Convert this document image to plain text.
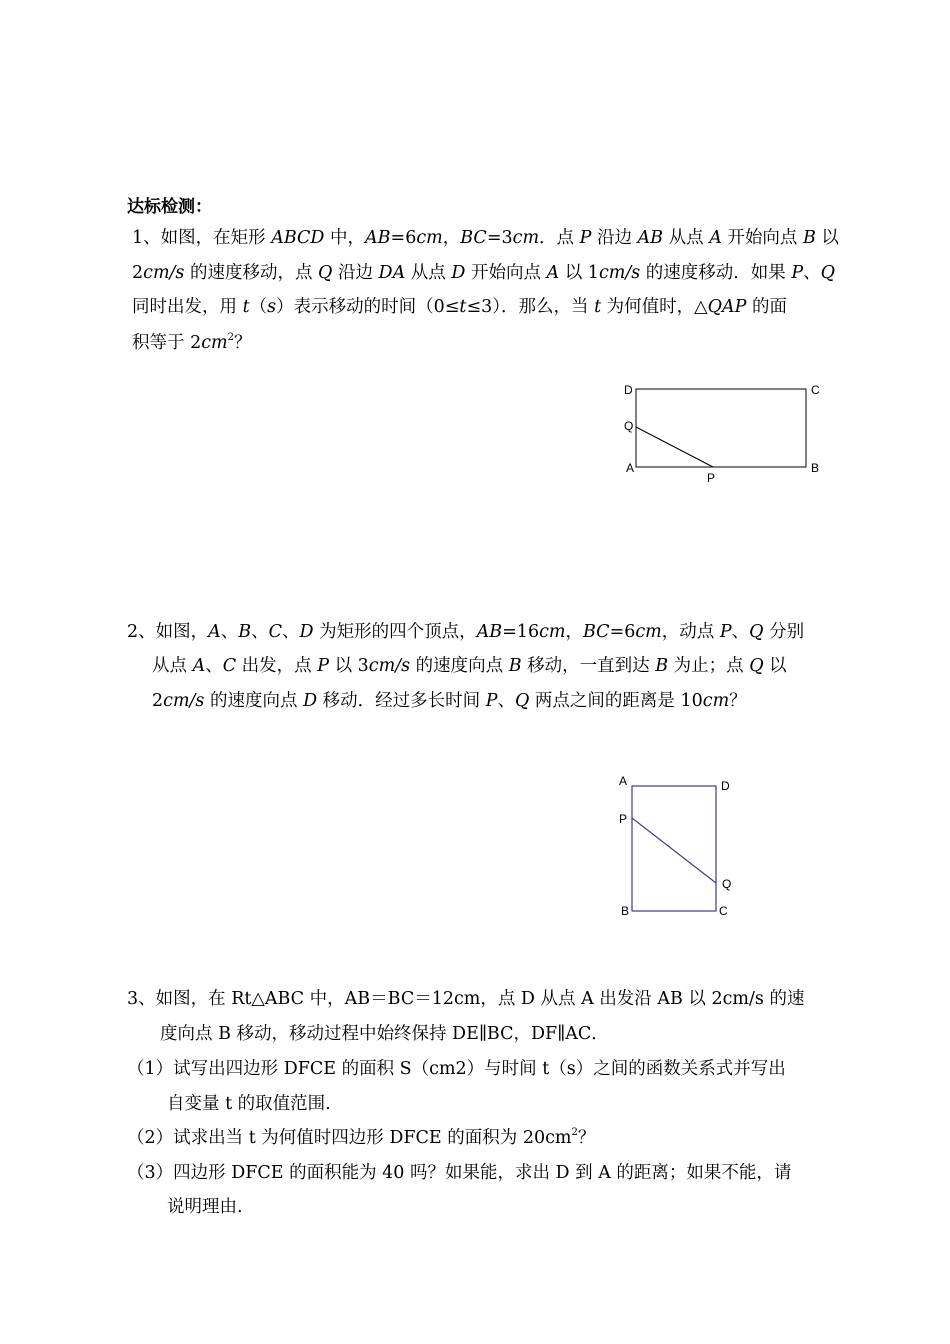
达标检测：
1、如图，在矩形 ABCD 中，AB=6cm，BC=3cm．点 P 沿边 AB 从点 A 开始向点 B 以
2cm/s 的速度移动，点 Q 沿边 DA 从点 D 开始向点 A 以 1cm/s 的速度移动．如果 P、Q
同时出发，用 t（s）表示移动的时间（0≤t≤3）．那么，当 t 为何值时，△QAP 的面
积等于 $2cm^2$？
D	C
Q
A	B
P
2、如图，A、B、C、D 为矩形的四个顶点，AB=16cm，BC=6cm，动点 P、Q 分别
从点 A、C 出发，点 P 以 3cm/s 的速度向点 B 移动，一直到达 B 为止；点 Q 以
2cm/s 的速度向点 D 移动．经过多长时间 P、Q 两点之间的距离是 10cm？
A	D
P
Q
B	C
3、如图，在 Rt△ABC 中，AB＝BC＝12cm，点 D 从点 A 出发沿 AB 以 2cm/s 的速
度向点 B 移动，移动过程中始终保持 DE∥BC，DF∥AC．
（1）试写出四边形 DFCE 的面积 S（cm2）与时间 t（s）之间的函数关系式并写出
自变量 t 的取值范围.
（2）试求出当 t 为何值时四边形 DFCE 的面积为 $20cm^2$？
（3）四边形 DFCE 的面积能为 40 吗？如果能，求出 D 到 A 的距离；如果不能，请
说明理由.
